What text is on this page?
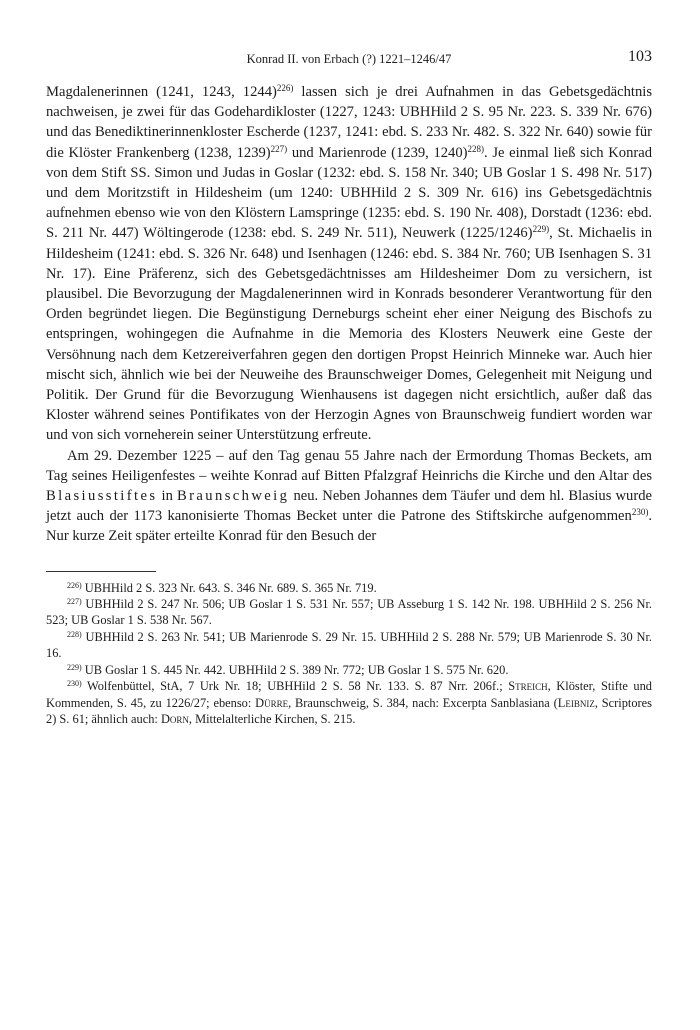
Konrad II. von Erbach (?) 1221–1246/47	103

Magdalenerinnen (1241, 1243, 1244)$^{226)}$ lassen sich je drei Aufnahmen in das Gebetsgedächtnis nachweisen, je zwei für das Godehardikloster (1227, 1243: UBHHild 2 S. 95 Nr. 223. S. 339 Nr. 676) und das Benediktinerinnenkloster Escherde (1237, 1241: ebd. S. 233 Nr. 482. S. 322 Nr. 640) sowie für die Klöster Frankenberg (1238, 1239)$^{227)}$ und Marienrode (1239, 1240)$^{228)}$. Je einmal ließ sich Konrad von dem Stift SS. Simon und Judas in Goslar (1232: ebd. S. 158 Nr. 340; UB Goslar 1 S. 498 Nr. 517) und dem Moritzstift in Hildesheim (um 1240: UBHHild 2 S. 309 Nr. 616) ins Gebetsgedächtnis aufnehmen ebenso wie von den Klöstern Lamspringe (1235: ebd. S. 190 Nr. 408), Dorstadt (1236: ebd. S. 211 Nr. 447) Wöltingerode (1238: ebd. S. 249 Nr. 511), Neuwerk $(1225/1246)^{229)}$, St. Michaelis in Hildesheim (1241: ebd. S. 326 Nr. 648) und Isenhagen (1246: ebd. S. 384 Nr. 760; UB Isenhagen S. 31 Nr. 17). Eine Präferenz, sich des Gebetsgedächtnisses am Hildesheimer Dom zu versichern, ist plausibel. Die Bevorzugung der Magdalenerinnen wird in Konrads besonderer Verantwortung für den Orden begründet liegen. Die Begünstigung Derneburgs scheint eher einer Neigung des Bischofs zu entspringen, wohingegen die Aufnahme in die Memoria des Klosters Neuwerk eine Geste der Versöhnung nach dem Ketzereiverfahren gegen den dortigen Propst Heinrich Minneke war. Auch hier mischt sich, ähnlich wie bei der Neuweihe des Braunschweiger Domes, Gelegenheit mit Neigung und Politik. Der Grund für die Bevorzugung Wienhausens ist dagegen nicht ersichtlich, außer daß das Kloster während seines Pontifikates von der Herzogin Agnes von Braunschweig fundiert worden war und von sich vorneherein seiner Unterstützung erfreute.

Am 29. Dezember 1225 – auf den Tag genau 55 Jahre nach der Ermordung Thomas Beckets, am Tag seines Heiligenfestes – weihte Konrad auf Bitten Pfalzgraf Heinrichs die Kirche und den Altar des Blasiusstiftes in Braunschweig neu. Neben Johannes dem Täufer und dem hl. Blasius wurde jetzt auch der 1173 kanonisierte Thomas Becket unter die Patrone des Stiftskirche aufgenommen$^{230)}$. Nur kurze Zeit später erteilte Konrad für den Besuch der

$^{226)}$ UBHHild 2 S. 323 Nr. 643. S. 346 Nr. 689. S. 365 Nr. 719.

$^{227)}$ UBHHild 2 S. 247 Nr. 506; UB Goslar 1 S. 531 Nr. 557; UB Asseburg 1 S. 142 Nr. 198. UBHHild 2 S. 256 Nr. 523; UB Goslar 1 S. 538 Nr. 567.

$^{228)}$ UBHHild 2 S. 263 Nr. 541; UB Marienrode S. 29 Nr. 15. UBHHild 2 S. 288 Nr. 579; UB Marienrode S. 30 Nr. 16.

$^{229)}$ UB Goslar 1 S. 445 Nr. 442. UBHHild 2 S. 389 Nr. 772; UB Goslar 1 S. 575 Nr. 620.

$^{230)}$ Wolfenbüttel, StA, 7 Urk Nr. 18; UBHHild 2 S. 58 Nr. 133. S. 87 Nrr. 206f.; Streich, Klöster, Stifte und Kommenden, S. 45, zu 1226/27; ebenso: Dürre, Braunschweig, S. 384, nach: Excerpta Sanblasiana (Leibniz, Scriptores 2) S. 61; ähnlich auch: Dorn, Mittelalterliche Kirchen, S. 215.
